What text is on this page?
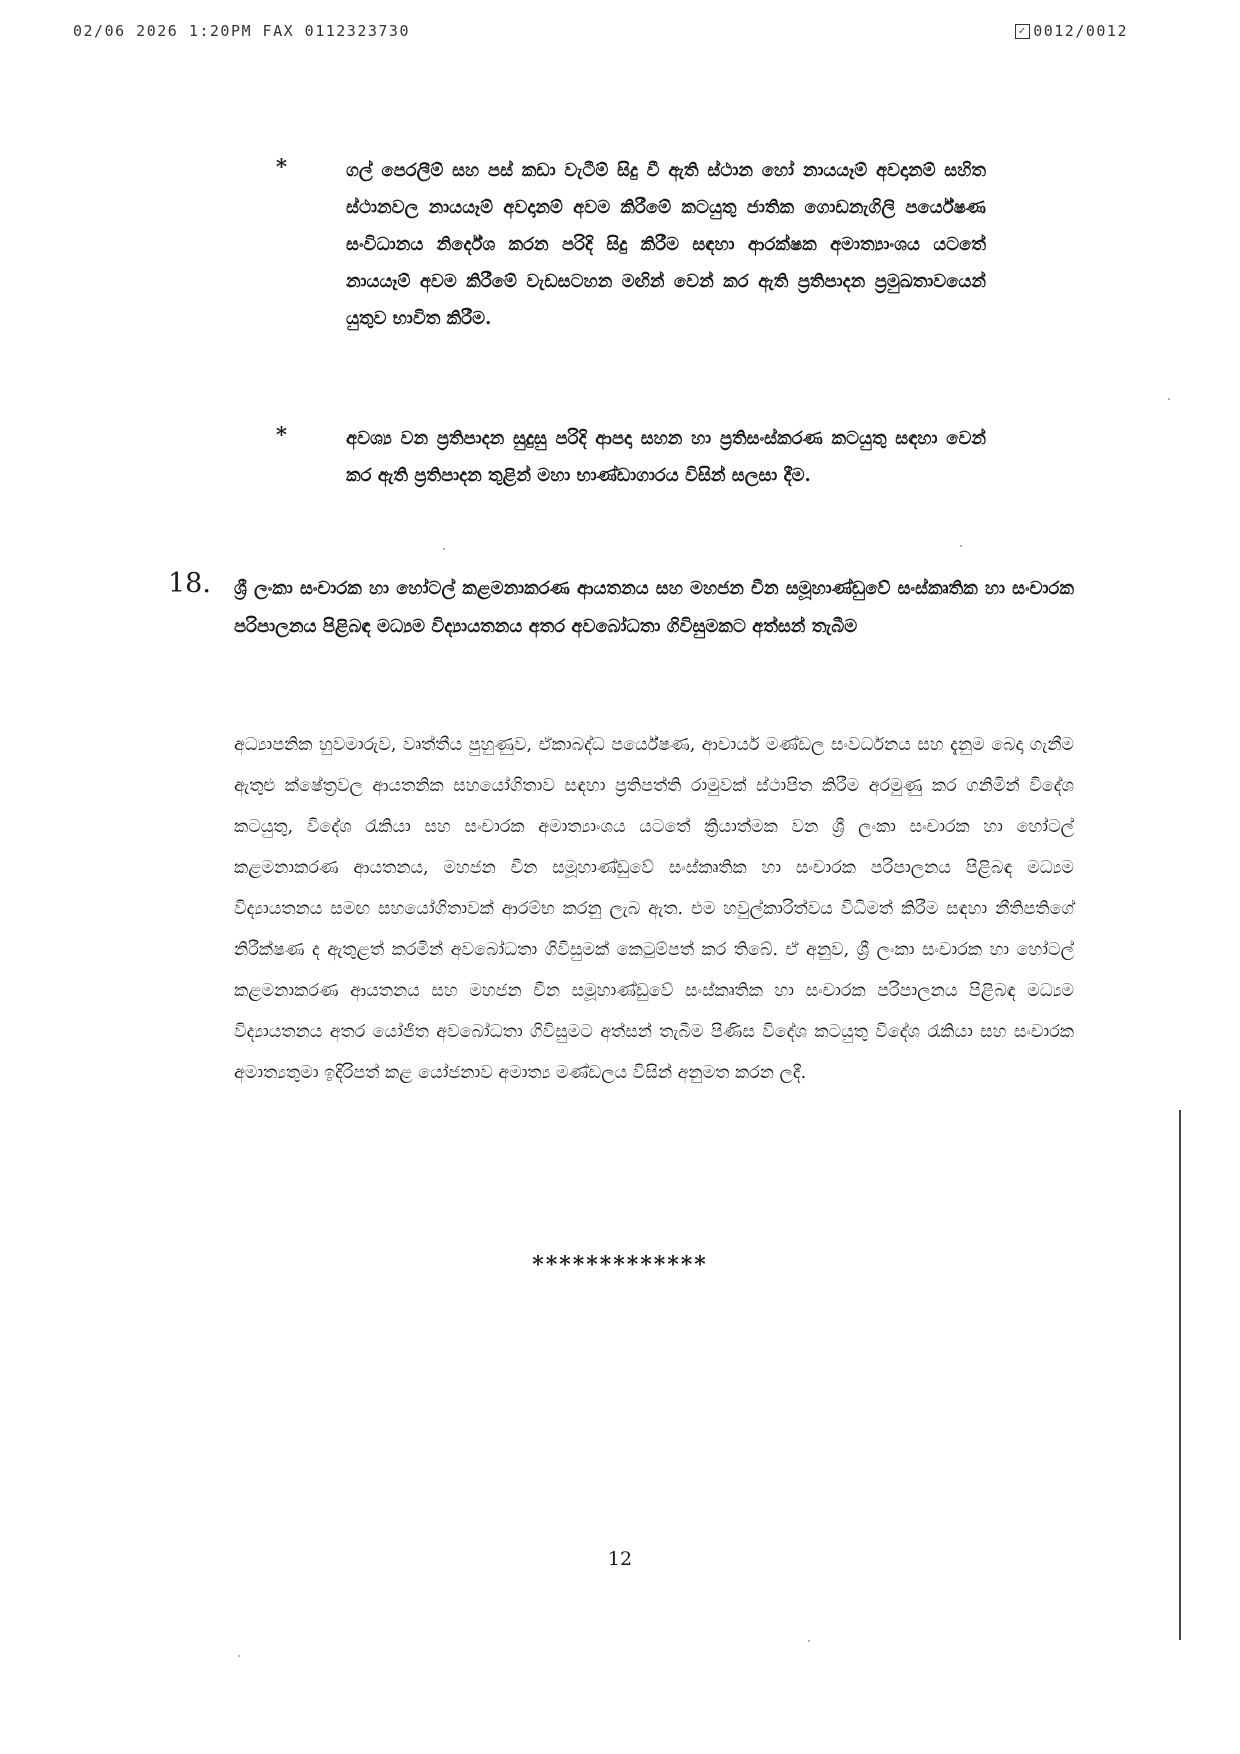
02/06 2026 1:20PM FAX 0112323730	✓ 0012/0012
*	ගල් පෙරලීම් සහ පස් කඩා වැටීම් සිදු වී ඇති ස්ථාන හෝ නායයෑම් අවදානම් සහිත ස්ථානවල නායයෑම් අවදානම් අවම කිරීමේ කටයුතු ජාතික ගොඩනැගිලි පර්යේෂණ සංවිධානය නිර්දේශ කරන පරිදි සිදු කිරීම සඳහා ආරක්ෂක අමාත්‍යාංශය යටතේ නායයෑම් අවම කිරීමේ වැඩසටහන මඟින් වෙන් කර ඇති ප්‍රතිපාදන ප්‍රමුඛතාවයෙන් යුතුව භාවිත කිරීම.
*	අවශ්‍ය වන ප්‍රතිපාදන සුදුසු පරිදි ආපදා සහන හා ප්‍රතිසංස්කරණ කටයුතු සඳහා වෙන් කර ඇති ප්‍රතිපාදන තුළින් මහා භාණ්ඩාගාරය විසින් සලසා දීම.
18. ශ්‍රී ලංකා සංචාරක හා හෝටල් කළමනාකරණ ආයතනය සහ මහජන චීන සමූහාණ්ඩුවේ සංස්කෘතික හා සංචාරක පරිපාලනය පිළිබඳ මධ්‍යම විද්‍යායතනය අතර අවබෝධතා ගිවිසුමකට අත්සන් තැබීම
අධ්‍යාපනික හුවමාරුව, වෘත්තීය පුහුණුව, ඒකාබද්ධ පර්යේෂණ, ආචාර්ය මණ්ඩල සංවර්ධනය සහ දැනුම බෙදා ගැනීම ඇතුළු ක්ෂේත්‍රවල ආයතනික සහයෝගිතාව සඳහා ප්‍රතිපත්ති රාමුවක් ස්ථාපිත කිරීම අරමුණු කර ගනිමින් විදේශ කටයුතු, විදේශ රැකියා සහ සංචාරක අමාත්‍යාංශය යටතේ ක්‍රියාත්මක වන ශ්‍රී ලංකා සංචාරක හා හෝටල් කළමනාකරණ ආයතනය, මහජන චීන සමූහාණ්ඩුවේ සංස්කෘතික හා සංචාරක පරිපාලනය පිළිබඳ මධ්‍යම විද්‍යායතනය සමඟ සහයෝගිතාවක් ආරම්භ කරනු ලැබ ඇත. එම හවුල්කාරිත්වය විධිමත් කිරීම සඳහා නීතිපතිගේ නිරීක්ෂණ ද ඇතුළත් කරමින් අවබෝධතා ගිවිසුමක් කෙටුම්පත් කර තිබේ. ඒ අනුව, ශ්‍රී ලංකා සංචාරක හා හෝටල් කළමනාකරණ ආයතනය සහ මහජන චීන සමූහාණ්ඩුවේ සංස්කෘතික හා සංචාරක පරිපාලනය පිළිබඳ මධ්‍යම විද්‍යායතනය අතර යෝජිත අවබෝධතා ගිවිසුමට අත්සන් තැබීම පිණිස විදේශ කටයුතු විදේශ රැකියා සහ සංචාරක අමාත්‍යතුමා ඉදිරිපත් කළ යෝජනාව අමාත්‍ය මණ්ඩලය විසින් අනුමත කරන ලදී.
*************
12
